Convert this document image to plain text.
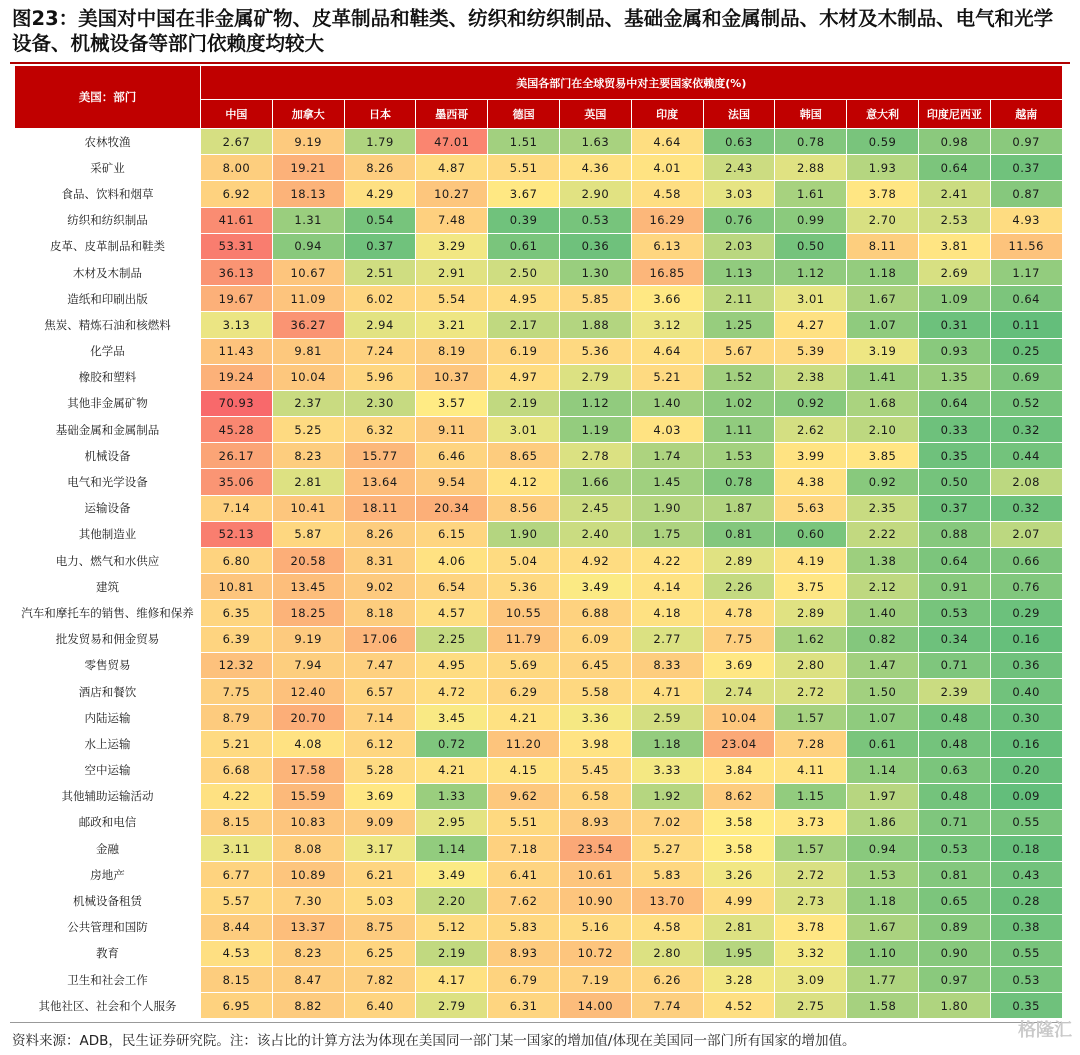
图23：美国对中国在非金属矿物、皮革制品和鞋类、纺织和纺织制品、基础金属和金属制品、木材及木制品、电气和光学设备、机械设备等部门依赖度均较大
美国：部门	美国各部门在全球贸易中对主要国家依赖度(%)											
	中国	加拿大	日本	墨西哥	德国	英国	印度	法国	韩国	意大利	印度尼西亚	越南
农林牧渔	2.67	9.19	1.79	47.01	1.51	1.63	4.64	0.63	0.78	0.59	0.98	0.97
采矿业	8.00	19.21	8.26	4.87	5.51	4.36	4.01	2.43	2.88	1.93	0.64	0.37
食品、饮料和烟草	6.92	18.13	4.29	10.27	3.67	2.90	4.58	3.03	1.61	3.78	2.41	0.87
纺织和纺织制品	41.61	1.31	0.54	7.48	0.39	0.53	16.29	0.76	0.99	2.70	2.53	4.93
皮革、皮革制品和鞋类	53.31	0.94	0.37	3.29	0.61	0.36	6.13	2.03	0.50	8.11	3.81	11.56
木材及木制品	36.13	10.67	2.51	2.91	2.50	1.30	16.85	1.13	1.12	1.18	2.69	1.17
造纸和印刷出版	19.67	11.09	6.02	5.54	4.95	5.85	3.66	2.11	3.01	1.67	1.09	0.64
焦炭、精炼石油和核燃料	3.13	36.27	2.94	3.21	2.17	1.88	3.12	1.25	4.27	1.07	0.31	0.11
化学品	11.43	9.81	7.24	8.19	6.19	5.36	4.64	5.67	5.39	3.19	0.93	0.25
橡胶和塑料	19.24	10.04	5.96	10.37	4.97	2.79	5.21	1.52	2.38	1.41	1.35	0.69
其他非金属矿物	70.93	2.37	2.30	3.57	2.19	1.12	1.40	1.02	0.92	1.68	0.64	0.52
基础金属和金属制品	45.28	5.25	6.32	9.11	3.01	1.19	4.03	1.11	2.62	2.10	0.33	0.32
机械设备	26.17	8.23	15.77	6.46	8.65	2.78	1.74	1.53	3.99	3.85	0.35	0.44
电气和光学设备	35.06	2.81	13.64	9.54	4.12	1.66	1.45	0.78	4.38	0.92	0.50	2.08
运输设备	7.14	10.41	18.11	20.34	8.56	2.45	1.90	1.87	5.63	2.35	0.37	0.32
其他制造业	52.13	5.87	8.26	6.15	1.90	2.40	1.75	0.81	0.60	2.22	0.88	2.07
电力、燃气和水供应	6.80	20.58	8.31	4.06	5.04	4.92	4.22	2.89	4.19	1.38	0.64	0.66
建筑	10.81	13.45	9.02	6.54	5.36	3.49	4.14	2.26	3.75	2.12	0.91	0.76
汽车和摩托车的销售、维修和保养	6.35	18.25	8.18	4.57	10.55	6.88	4.18	4.78	2.89	1.40	0.53	0.29
批发贸易和佣金贸易	6.39	9.19	17.06	2.25	11.79	6.09	2.77	7.75	1.62	0.82	0.34	0.16
零售贸易	12.32	7.94	7.47	4.95	5.69	6.45	8.33	3.69	2.80	1.47	0.71	0.36
酒店和餐饮	7.75	12.40	6.57	4.72	6.29	5.58	4.71	2.74	2.72	1.50	2.39	0.40
内陆运输	8.79	20.70	7.14	3.45	4.21	3.36	2.59	10.04	1.57	1.07	0.48	0.30
水上运输	5.21	4.08	6.12	0.72	11.20	3.98	1.18	23.04	7.28	0.61	0.48	0.16
空中运输	6.68	17.58	5.28	4.21	4.15	5.45	3.33	3.84	4.11	1.14	0.63	0.20
其他辅助运输活动	4.22	15.59	3.69	1.33	9.62	6.58	1.92	8.62	1.15	1.97	0.48	0.09
邮政和电信	8.15	10.83	9.09	2.95	5.51	8.93	7.02	3.58	3.73	1.86	0.71	0.55
金融	3.11	8.08	3.17	1.14	7.18	23.54	5.27	3.58	1.57	0.94	0.53	0.18
房地产	6.77	10.89	6.21	3.49	6.41	10.61	5.83	3.26	2.72	1.53	0.81	0.43
机械设备租赁	5.57	7.30	5.03	2.20	7.62	10.90	13.70	4.99	2.73	1.18	0.65	0.28
公共管理和国防	8.44	13.37	8.75	5.12	5.83	5.16	4.58	2.81	3.78	1.67	0.89	0.38
教育	4.53	8.23	6.25	2.19	8.93	10.72	2.80	1.95	3.32	1.10	0.90	0.55
卫生和社会工作	8.15	8.47	7.82	4.17	6.79	7.19	6.26	3.28	3.09	1.77	0.97	0.53
其他社区、社会和个人服务	6.95	8.82	6.40	2.79	6.31	14.00	7.74	4.52	2.75	1.58	1.80	0.35
资料来源：ADB，民生证券研究院。注：该占比的计算方法为体现在美国同一部门某一国家的增加值/体现在美国同一部门所有国家的增加值。	格隆汇
